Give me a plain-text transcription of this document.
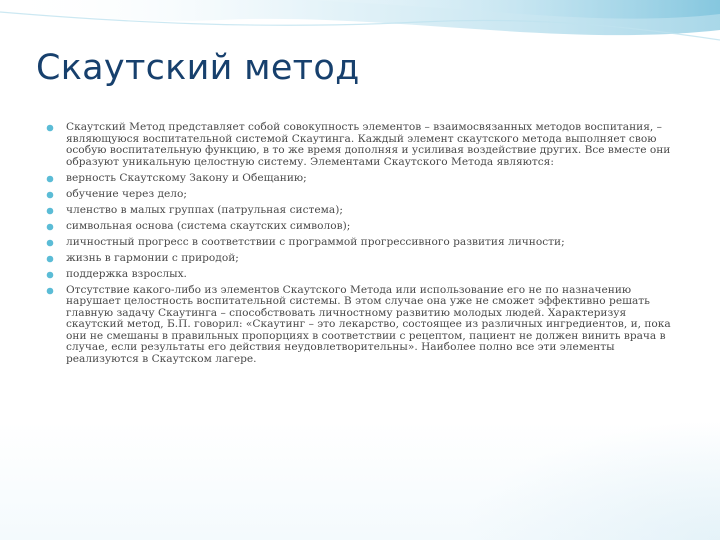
Скаутский метод
Скаутский Метод представляет собой совокупность элементов – взаимосвязанных методов воспитания, – являющуюся воспитательной системой Скаутинга. Каждый элемент скаутского метода выполняет свою особую воспитательную функцию, в то же время дополняя и усиливая воздействие других. Все вместе они образуют уникальную целостную систему. Элементами Скаутского Метода являются:
верность Скаутскому Закону и Обещанию;
обучение через дело;
членство в малых группах (патрульная система);
символьная основа (система скаутских символов);
личностный прогресс в соответствии с программой прогрессивного развития личности;
жизнь в гармонии с природой;
поддержка взрослых.
Отсутствие какого-либо из элементов Скаутского Метода или использование его не по назначению нарушает целостность воспитательной системы. В этом случае она уже не сможет эффективно решать главную задачу Скаутинга – способствовать личностному развитию молодых людей. Характеризуя скаутский метод, Б.П. говорил: «Скаутинг – это лекарство, состоящее из различных ингредиентов, и, пока они не смешаны в правильных пропорциях в соответствии с рецептом, пациент не должен винить врача в случае, если результаты его действия неудовлетворительны». Наиболее полно все эти элементы реализуются в Скаутском лагере.
